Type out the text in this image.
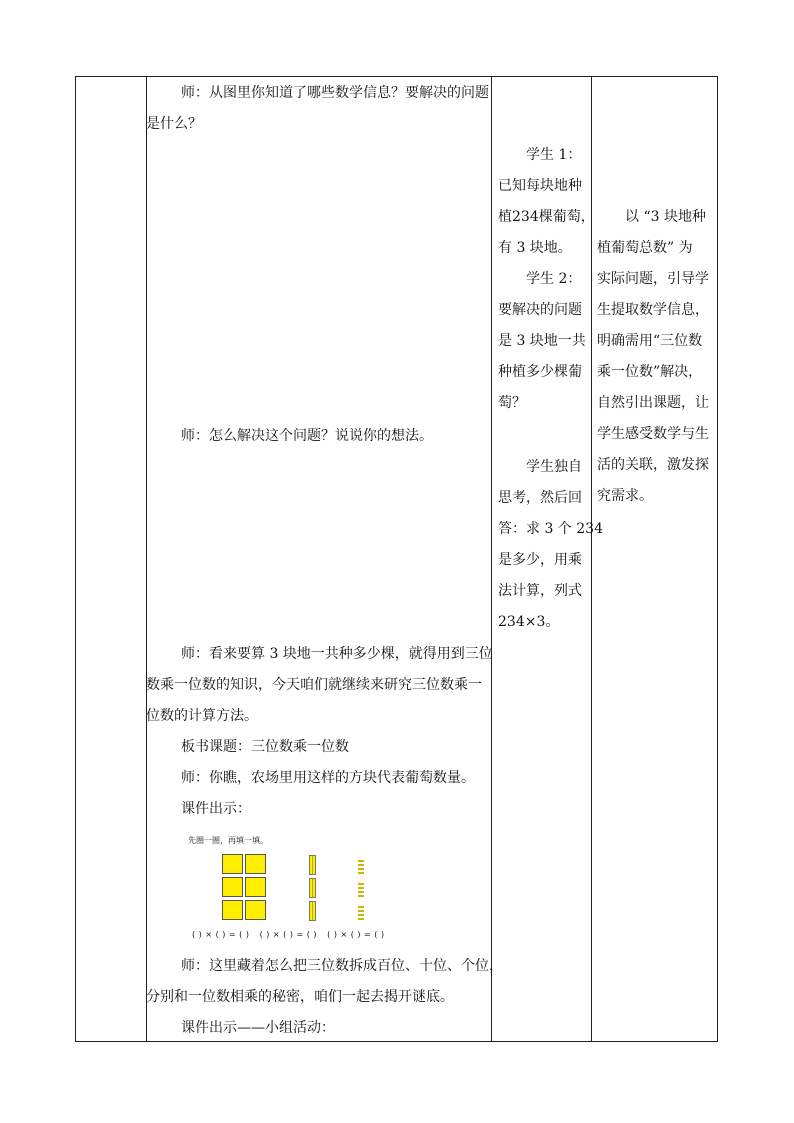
师：从图里你知道了哪些数学信息？要解决的问题
是什么？
师：怎么解决这个问题？说说你的想法。
师：看来要算 3 块地一共种多少棵，就得用到三位
数乘一位数的知识，今天咱们就继续来研究三位数乘一
位数的计算方法。
板书课题：三位数乘一位数
师：你瞧，农场里用这样的方块代表葡萄数量。
课件出示：
先圈一圈，再填一填。
( ) × ( ) = ( ) ( ) × ( ) = ( ) ( ) × ( ) = ( )
师：这里藏着怎么把三位数拆成百位、十位、个位，
分别和一位数相乘的秘密，咱们一起去揭开谜底。
课件出示——小组活动：
学生 1：
已知每块地种
植234棵葡萄，
有 3 块地。
学生 2：
要解决的问题
是 3 块地一共
种植多少棵葡
萄？
学生独自
思考，然后回
答：求 3 个 234
是多少，用乘
法计算，列式
234×3。
以 “3 块地种
植葡萄总数” 为
实际问题，引导学
生提取数学信息，
明确需用“三位数
乘一位数”解决，
自然引出课题，让
学生感受数学与生
活的关联，激发探
究需求。
